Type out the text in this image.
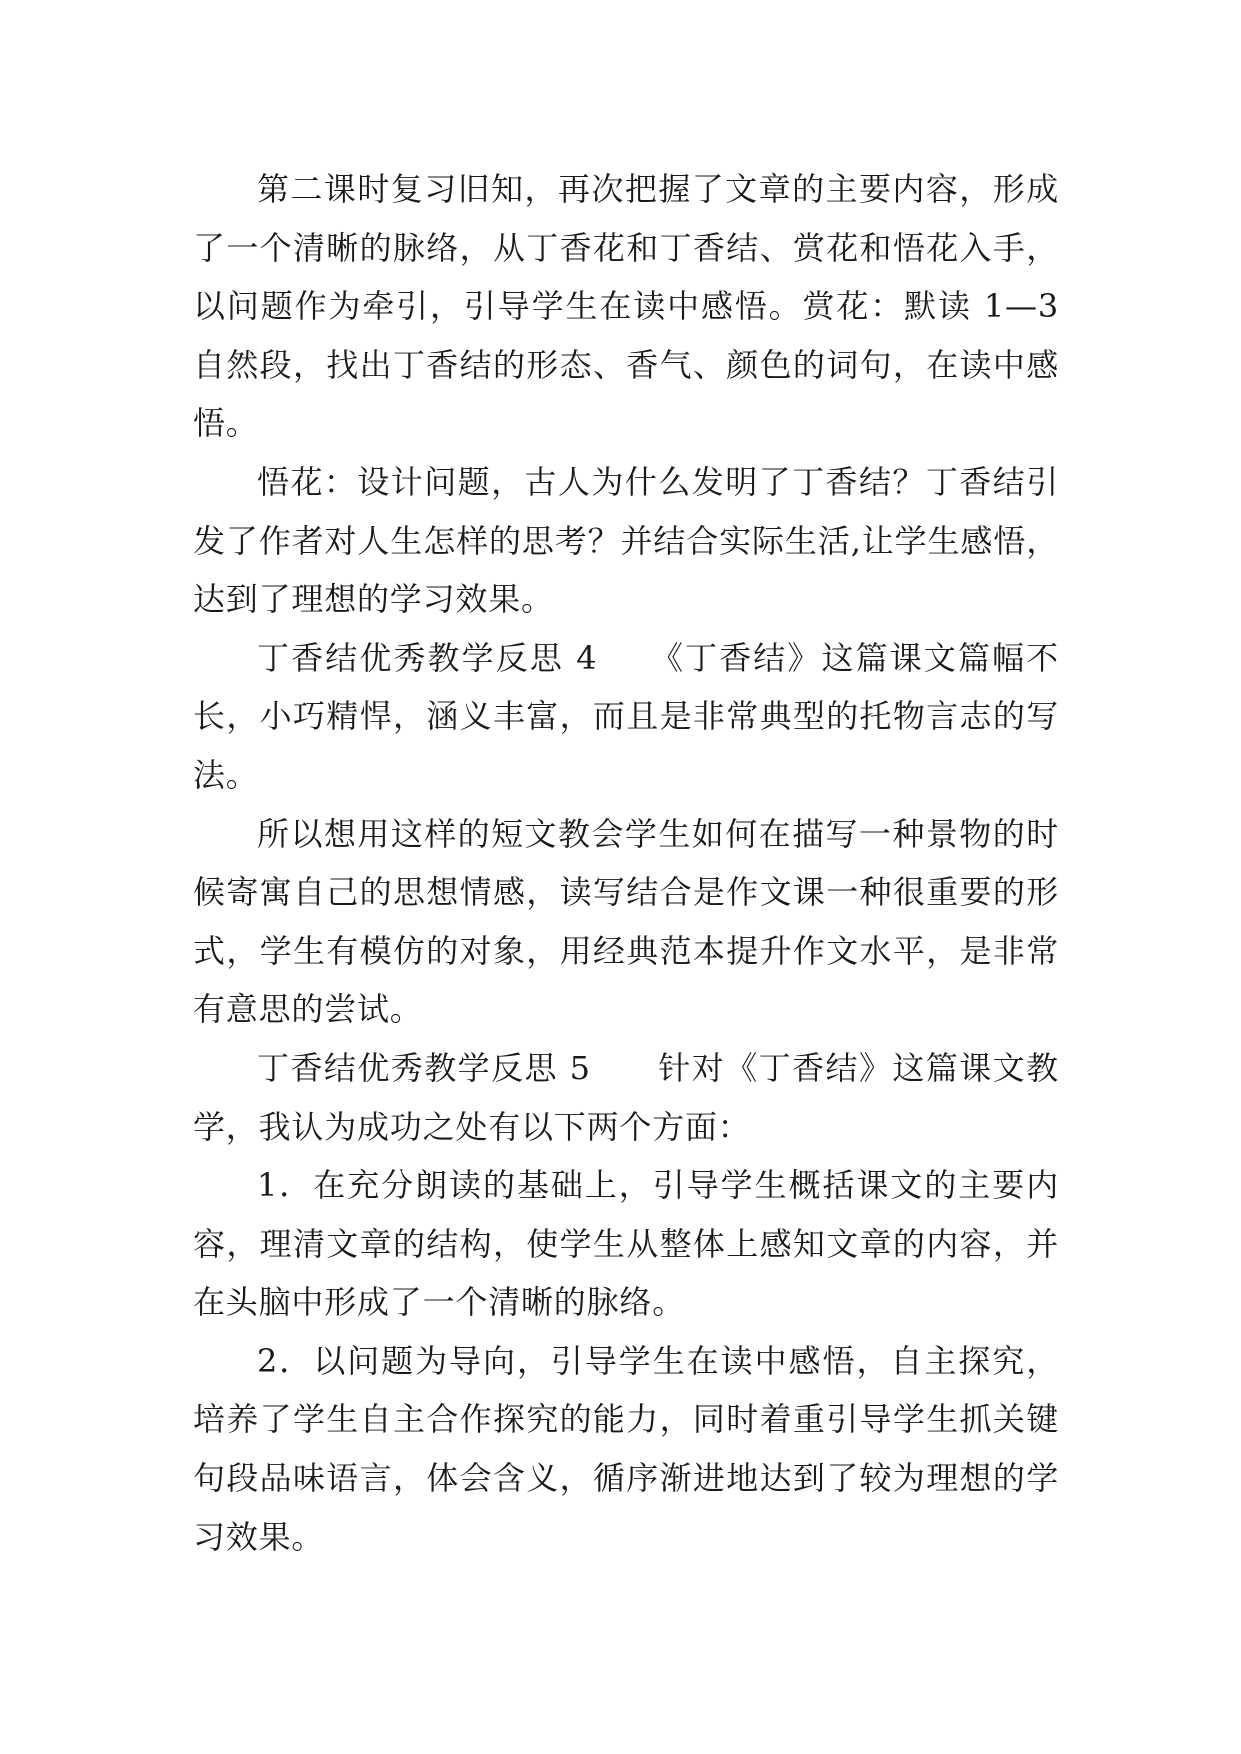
第二课时复习旧知，再次把握了文章的主要内容，形成了一个清晰的脉络，从丁香花和丁香结、赏花和悟花入手，以问题作为牵引，引导学生在读中感悟。赏花：默读 1—3 自然段，找出丁香结的形态、香气、颜色的词句，在读中感悟。

悟花：设计问题，古人为什么发明了丁香结？丁香结引发了作者对人生怎样的思考？并结合实际生活,让学生感悟，达到了理想的学习效果。

丁香结优秀教学反思 4　　《丁香结》这篇课文篇幅不长，小巧精悍，涵义丰富，而且是非常典型的托物言志的写法。

所以想用这样的短文教会学生如何在描写一种景物的时候寄寓自己的思想情感，读写结合是作文课一种很重要的形式，学生有模仿的对象，用经典范本提升作文水平，是非常有意思的尝试。

丁香结优秀教学反思 5　　针对《丁香结》这篇课文教学，我认为成功之处有以下两个方面：

1．在充分朗读的基础上，引导学生概括课文的主要内容，理清文章的结构，使学生从整体上感知文章的内容，并在头脑中形成了一个清晰的脉络。

2．以问题为导向，引导学生在读中感悟，自主探究，培养了学生自主合作探究的能力，同时着重引导学生抓关键句段品味语言，体会含义，循序渐进地达到了较为理想的学习效果。
